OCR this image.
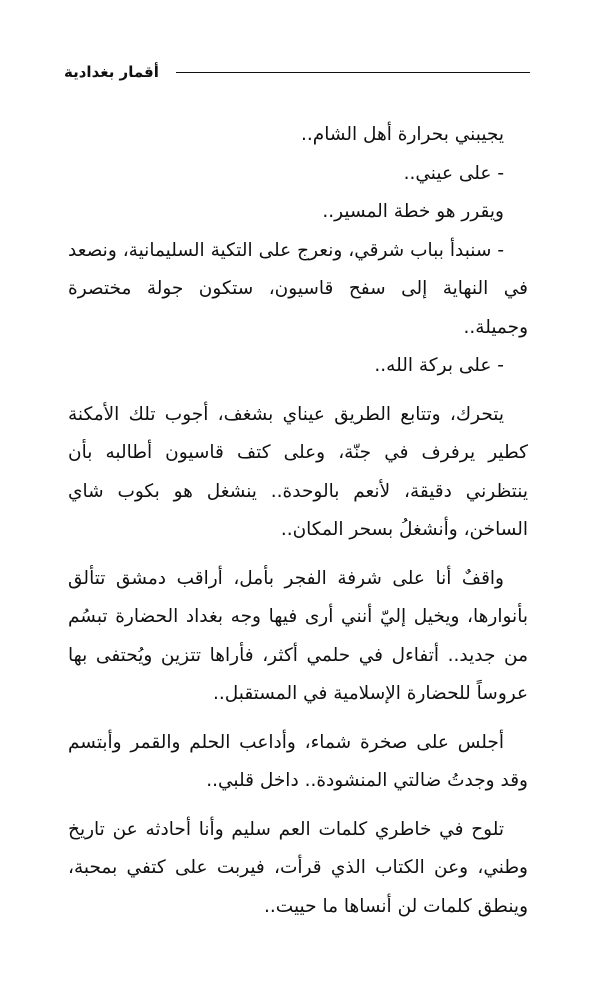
أقمار بغدادية

يجيبني بحرارة أهل الشام..

- على عيني..

ويقرر هو خطة المسير..

- سنبدأ بباب شرقي، ونعرج على التكية السليمانية، ونصعد في النهاية إلى سفح قاسيون، ستكون جولة مختصرة وجميلة..

- على بركة الله..

يتحرك، وتتابع الطريق عيناي بشغف، أجوب تلك الأمكنة كطير يرفرف في جنّة، وعلى كتف قاسيون أطالبه بأن ينتظرني دقيقة، لأنعم بالوحدة.. ينشغل هو بكوب شاي الساخن، وأنشغلُ بسحر المكان..

واقفٌ أنا على شرفة الفجر بأمل، أراقب دمشق تتألق بأنوارها، ويخيل إليّ أنني أرى فيها وجه بغداد الحضارة تبسُم من جديد.. أتفاءل في حلمي أكثر، فأراها تتزين ويُحتفى بها عروساً للحضارة الإسلامية في المستقبل..

أجلس على صخرة شماء، وأداعب الحلم والقمر وأبتسم وقد وجدتُ ضالتي المنشودة.. داخل قلبي..

تلوح في خاطري كلمات العم سليم وأنا أحادثه عن تاريخ وطني، وعن الكتاب الذي قرأت، فيربت على كتفي بمحبة، وينطق كلمات لن أنساها ما حييت..
